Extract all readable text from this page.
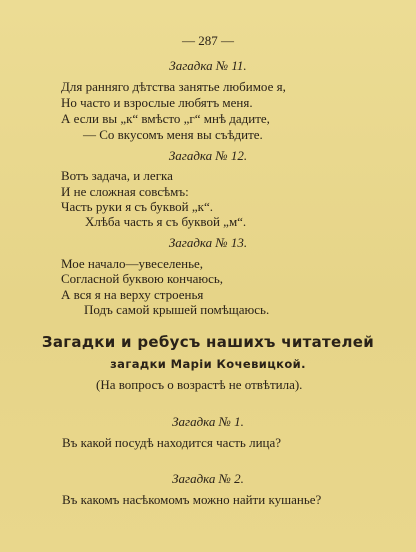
— 287 —
Загадка № 11.
Для ранняго дѣтства занятье любимое я,
Но часто и взрослые любятъ меня.
А если вы „к“ вмѣсто „г“ мнѣ дадите,
— Со вкусомъ меня вы съѣдите.
Загадка № 12.
Вотъ задача, и легка
И не сложная совсѣмъ:
Часть руки я съ буквой „к“.
Хлѣба часть я съ буквой „м“.
Загадка № 13.
Мое начало—увеселенье,
Согласной буквою кончаюсь,
А вся я на верху строенья
Подъ самой крышей помѣщаюсь.
Загадки и ребусъ нашихъ читателей
загадки Маріи Кочевицкой.
(На вопросъ о возрастѣ не отвѣтила).
Загадка № 1.
Въ какой посудѣ находится часть лица?
Загадка № 2.
Въ какомъ насѣкомомъ можно найти кушанье?
